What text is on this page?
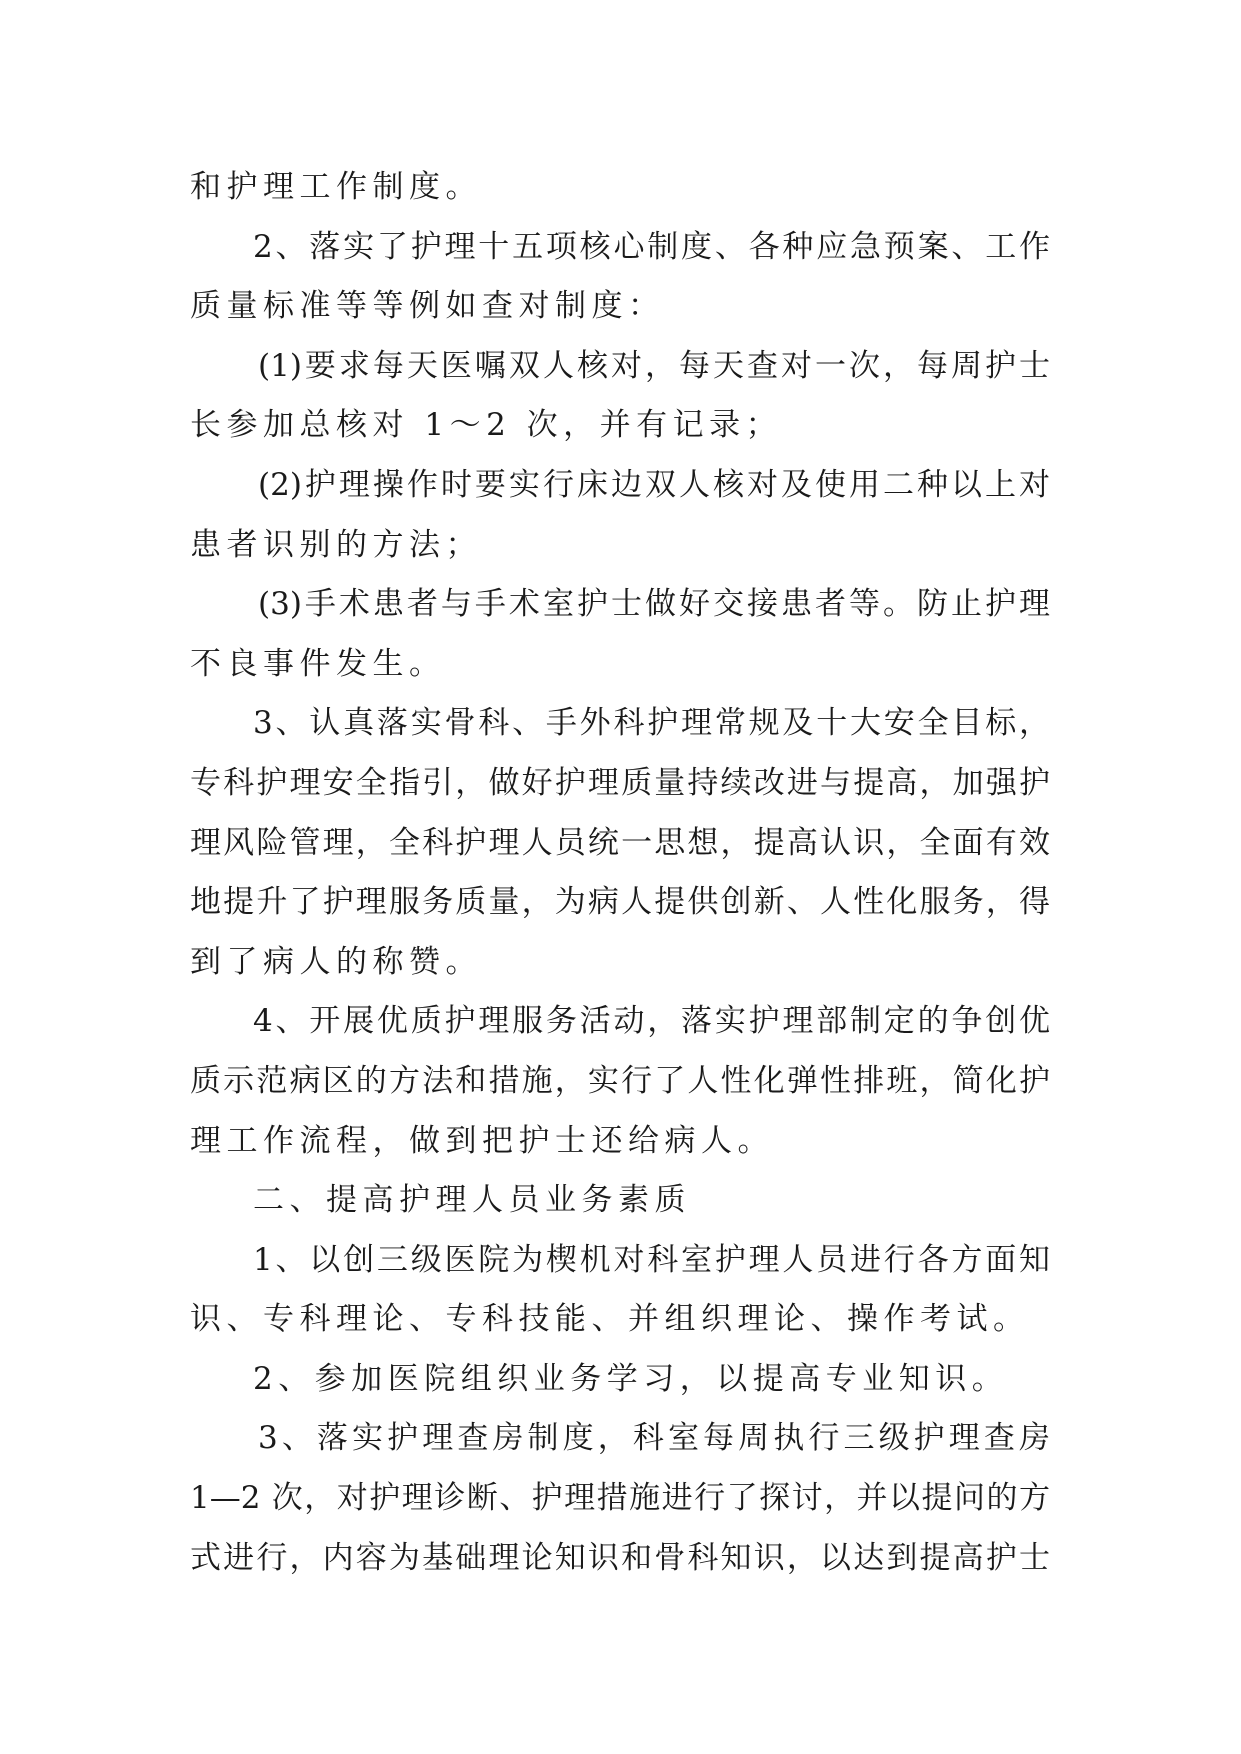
和护理工作制度。
2、落实了护理十五项核心制度、各种应急预案、工作
质量标准等等例如查对制度：
(1)要求每天医嘱双人核对，每天查对一次，每周护士
长参加总核对 1～2 次，并有记录；
(2)护理操作时要实行床边双人核对及使用二种以上对
患者识别的方法；
(3)手术患者与手术室护士做好交接患者等。防止护理
不良事件发生。
3、认真落实骨科、手外科护理常规及十大安全目标，
专科护理安全指引，做好护理质量持续改进与提高，加强护
理风险管理，全科护理人员统一思想，提高认识，全面有效
地提升了护理服务质量，为病人提供创新、人性化服务，得
到了病人的称赞。
4、开展优质护理服务活动，落实护理部制定的争创优
质示范病区的方法和措施，实行了人性化弹性排班，简化护
理工作流程，做到把护士还给病人。
二、提高护理人员业务素质
1、以创三级医院为楔机对科室护理人员进行各方面知
识、专科理论、专科技能、并组织理论、操作考试。
2、参加医院组织业务学习，以提高专业知识。
3、落实护理查房制度，科室每周执行三级护理查房
1—2 次，对护理诊断、护理措施进行了探讨，并以提问的方
式进行，内容为基础理论知识和骨科知识，以达到提高护士
